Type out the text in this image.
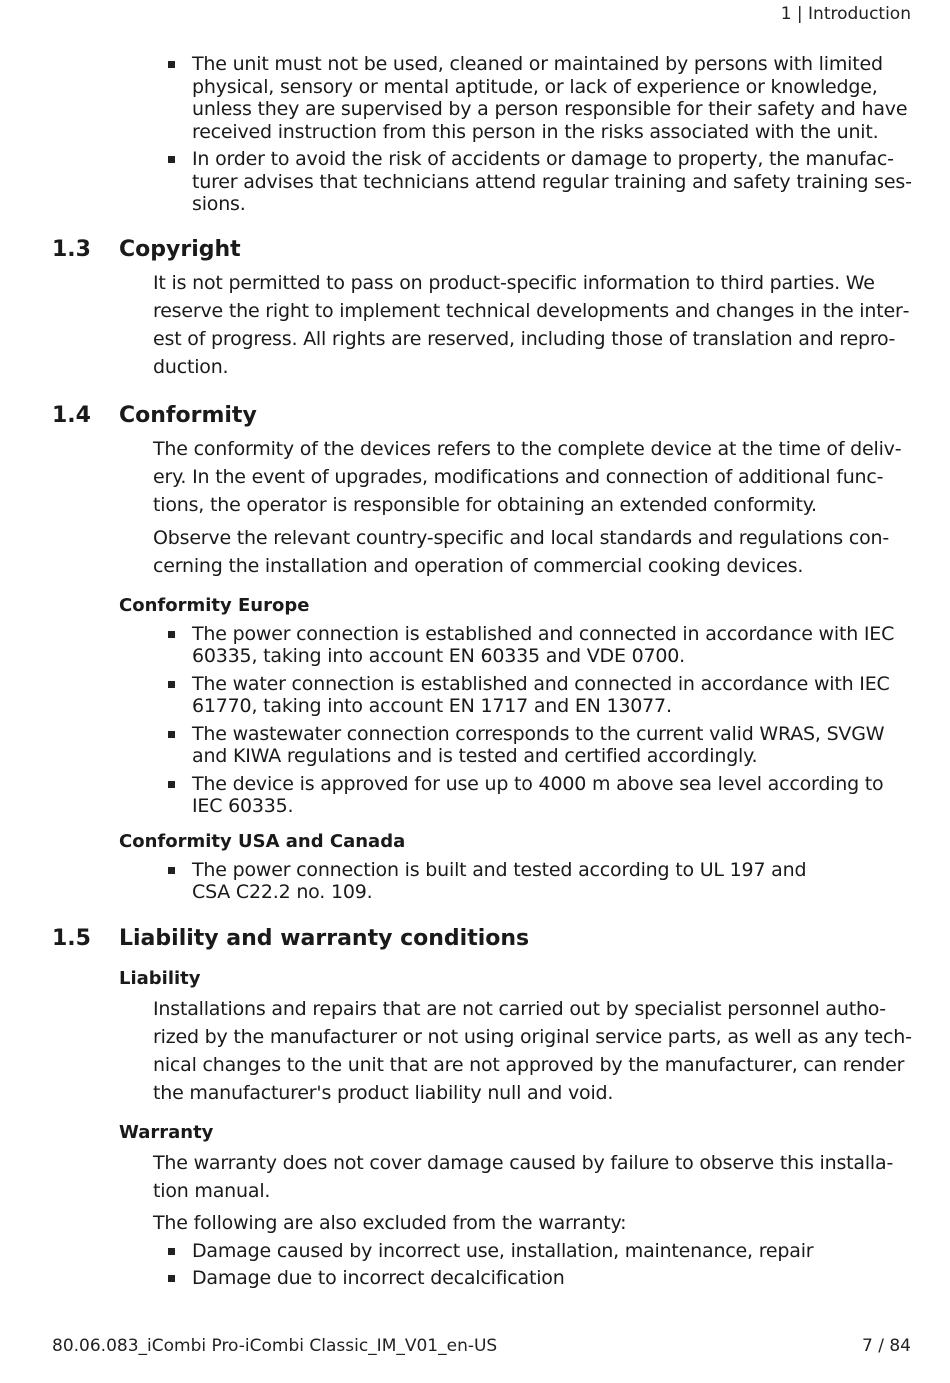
1 | Introduction
The unit must not be used, cleaned or maintained by persons with limited physical, sensory or mental aptitude, or lack of experience or knowledge, unless they are supervised by a person responsible for their safety and have received instruction from this person in the risks associated with the unit.
In order to avoid the risk of accidents or damage to property, the manufacturer advises that technicians attend regular training and safety training sessions.
1.3	Copyright

It is not permitted to pass on product-specific information to third parties. We reserve the right to implement technical developments and changes in the interest of progress. All rights are reserved, including those of translation and reproduction.

1.4	Conformity

The conformity of the devices refers to the complete device at the time of delivery. In the event of upgrades, modifications and connection of additional functions, the operator is responsible for obtaining an extended conformity.

Observe the relevant country-specific and local standards and regulations concerning the installation and operation of commercial cooking devices.

Conformity Europe
The power connection is established and connected in accordance with IEC 60335, taking into account EN 60335 and VDE 0700.
The water connection is established and connected in accordance with IEC 61770, taking into account EN 1717 and EN 13077.
The wastewater connection corresponds to the current valid WRAS, SVGW and KIWA regulations and is tested and certified accordingly.
The device is approved for use up to 4000 m above sea level according to IEC 60335.
Conformity USA and Canada
The power connection is built and tested according to UL 197 and CSA C22.2 no. 109.
1.5	Liability and warranty conditions
Liability

Installations and repairs that are not carried out by specialist personnel authorized by the manufacturer or not using original service parts, as well as any technical changes to the unit that are not approved by the manufacturer, can render the manufacturer's product liability null and void.

Warranty

The warranty does not cover damage caused by failure to observe this installation manual.

The following are also excluded from the warranty:

Damage caused by incorrect use, installation, maintenance, repair
Damage due to incorrect decalcification
80.06.083_iCombi Pro-iCombi Classic_IM_V01_en-US	7 / 84
